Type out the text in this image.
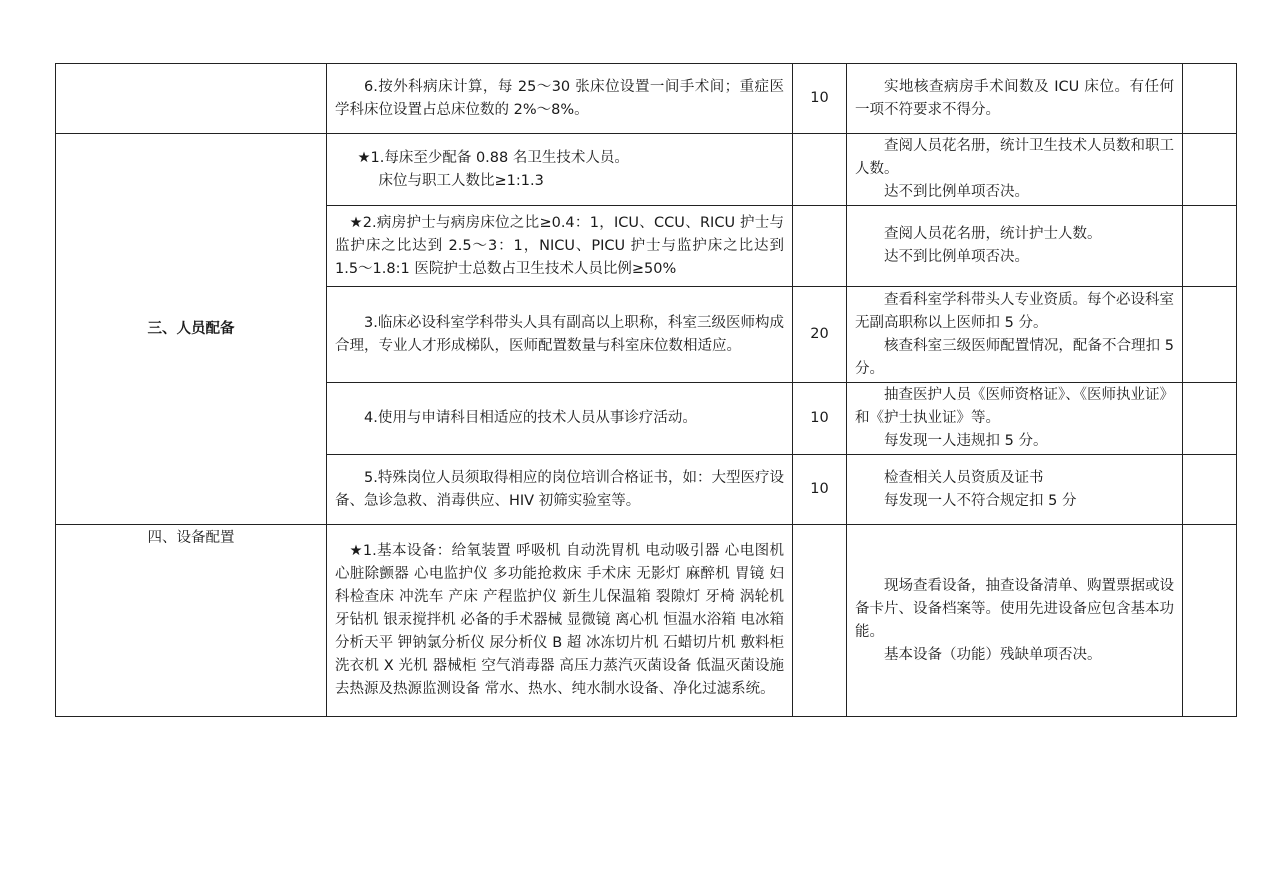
	6.按外科病床计算，每 25～30 张床位设置一间手术间；重症医学科床位设置占总床位数的 2%～8%。	10	实地核查病房手术间数及 ICU 床位。有任何一项不符要求不得分。	

三、人员配备	★1.每床至少配备 0.88 名卫生技术人员。
床位与职工人数比≥1:1.3		查阅人员花名册，统计卫生技术人员数和职工人数。
达不到比例单项否决。	

	★2.病房护士与病房床位之比≥0.4：1，ICU、CCU、RICU 护士与监护床之比达到 2.5～3：1，NICU、PICU 护士与监护床之比达到 1.5～1.8:1 医院护士总数占卫生技术人员比例≥50%		查阅人员花名册，统计护士人数。
达不到比例单项否决。	

	3.临床必设科室学科带头人具有副高以上职称，科室三级医师构成合理，专业人才形成梯队，医师配置数量与科室床位数相适应。	20	查看科室学科带头人专业资质。每个必设科室无副高职称以上医师扣 5 分。
核查科室三级医师配置情况，配备不合理扣 5 分。	

	4.使用与申请科目相适应的技术人员从事诊疗活动。	10	抽查医护人员《医师资格证》、《医师执业证》和《护士执业证》等。
每发现一人违规扣 5 分。	

	5.特殊岗位人员须取得相应的岗位培训合格证书，如：大型医疗设备、急诊急救、消毒供应、HIV 初筛实验室等。	10	检查相关人员资质及证书
每发现一人不符合规定扣 5 分	

四、设备配置	★1.基本设备：给氧装置 呼吸机 自动洗胃机 电动吸引器 心电图机 心脏除颤器 心电监护仪 多功能抢救床 手术床 无影灯 麻醉机 胃镜 妇科检查床 冲洗车 产床 产程监护仪 新生儿保温箱 裂隙灯 牙椅 涡轮机 牙钻机 银汞搅拌机 必备的手术器械 显微镜 离心机 恒温水浴箱 电冰箱 分析天平 钾钠氯分析仪 尿分析仪 B 超 冰冻切片机 石蜡切片机 敷料柜 洗衣机 X 光机 器械柜 空气消毒器 高压力蒸汽灭菌设备 低温灭菌设施 去热源及热源监测设备 常水、热水、纯水制水设备、净化过滤系统。		现场查看设备，抽查设备清单、购置票据或设备卡片、设备档案等。使用先进设备应包含基本功能。
基本设备（功能）残缺单项否决。	
